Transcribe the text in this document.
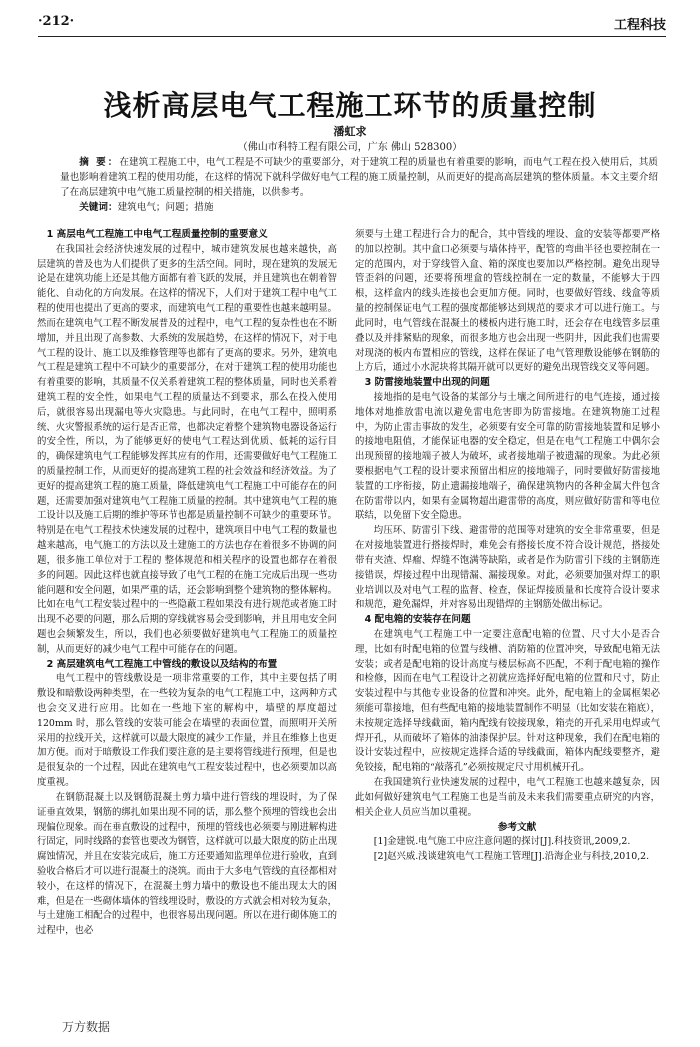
·212·	工程科技
浅析高层电气工程施工环节的质量控制
潘虹求
（佛山市科特工程有限公司，广东 佛山 528300）
摘 要：在建筑工程施工中，电气工程是不可缺少的重要部分，对于建筑工程的质量也有着重要的影响，而电气工程在投入使用后，其质量也影响着建筑工程的使用功能，在这样的情况下就科学做好电气工程的施工质量控制，从而更好的提高高层建筑的整体质量。本文主要介绍了在高层建筑中电气施工质量控制的相关措施，以供参考。
关键词：建筑电气；问题；措施
1 高层电气工程施工中电气工程质量控制的重要意义

在我国社会经济快速发展的过程中，城市建筑发展也越来越快，高层建筑的普及也为人们提供了更多的生活空间。同时，现在建筑的发展无论是在建筑功能上还是其他方面都有着飞跃的发展，并且建筑也在朝着智能化、自动化的方向发展。在这样的情况下，人们对于建筑工程中电气工程的使用也提出了更高的要求，而建筑电气工程的重要性也越来越明显。然而在建筑电气工程不断发展普及的过程中，电气工程的复杂性也在不断增加，并且出现了高参数、大系统的发展趋势，在这样的情况下，对于电气工程的设计、施工以及维修管理等也都有了更高的要求。另外，建筑电气工程是建筑工程中不可缺少的重要部分，在对于建筑工程的使用功能也有着重要的影响，其质量不仅关系着建筑工程的整体质量，同时也关系着建筑工程的安全性，如果电气工程的质量达不到要求，那么在投入使用后，就很容易出现漏电等火灾隐患。与此同时，在电气工程中，照明系统、火灾警报系统的运行是否正常，也都决定着整个建筑物电器设备运行的安全性，所以，为了能够更好的使电气工程达到优质、低耗的运行目的，确保建筑电气工程能够发挥其应有的作用，还需要做好电气工程施工的质量控制工作，从而更好的提高建筑工程的社会效益和经济效益。为了更好的提高建筑工程的施工质量，降低建筑电气工程施工中可能存在的问题，还需要加强对建筑电气工程施工质量的控制。其中建筑电气工程的施工设计以及施工后期的维护等环节也都是质量控制不可缺少的重要环节。特别是在电气工程技术快速发展的过程中，建筑项目中电气工程的数量也越来越高，电气施工的方法以及土建施工的方法也存在着很多不协调的问题，很多施工单位对于工程的 整体规范和相关程序的设置也都存在着很多的问题。因此这样也就直接导致了电气工程的在施工完成后出现一些功能问题和安全问题，如果严重的话，还会影响到整个建筑物的整体解构。比如在电气工程安装过程中的一些隐蔽工程如果没有进行规范或者施工时出现不必要的问题，那么后期的穿线就容易会受到影响，并且用电安全问题也会频繁发生，所以，我们也必须要做好建筑电气工程施工的质量控制，从而更好的减少电气工程中可能存在的问题。

2 高层建筑电气工程施工中管线的敷设以及结构的布置

电气工程中的管线敷设是一项非常重要的工作，其中主要包括了明敷设和暗敷设两种类型，在一些较为复杂的电气工程施工中，这两种方式也会交叉进行应用。比如在一些地下室的解构中，墙壁的厚度超过 120mm 时，那么管线的安装可能会在墙壁的表面位置，而照明开关所采用的拉线开关，这样就可以最大限度的减少工作量，并且在维修上也更加方便。而对于暗敷设工作我们要注意的是主要将管线进行预埋，但是也是很复杂的一个过程，因此在建筑电气工程安装过程中，也必须要加以高度重视。

在钢筋混凝土以及钢筋混凝土剪力墙中进行管线的埋设时，为了保证垂直效果，钢筋的绑扎如果出现不同的话，那么整个预埋的管线也会出现偏位现象。而在垂直敷设的过程中，预埋的管线也必须要与刚进解构进行固定，同时线路的套管也要改为钢管，这样就可以最大限度的防止出现腐蚀情况，并且在安装完成后，施工方还要通知监理单位进行验收，直到验收合格后才可以进行混凝土的浇筑。而由于大多电气管线的直径都相对较小，在这样的情况下，在混凝土剪力墙中的敷设也不能出现太大的困难，但是在一些砌体墙体的管线埋设时，敷设的方式就会相对较为复杂，与土建施工相配合的过程中，也很容易出现问题。所以在进行砌体施工的过程中，也必

须要与土建工程进行合力的配合，其中管线的埋设、盒的安装等都要严格的加以控制。其中盒口必须要与墙体持平，配管的弯曲半径也要控制在一定的范围内，对于穿线管入盒、箱的深度也要加以严格控制。避免出现导管歪斜的问题，还要将预埋盒的管线控制在一定的数量，不能够大于四根，这样盒内的线头连接也会更加方便。同时，也要做好管线、线盒等质量的控制保证电气工程的强度都能够达到规范的要求才可以进行施工。与此同时，电气管线在混凝土的楼板内进行施工时，还会存在电线管多层重叠以及并排紧贴的现象，而很多地方也会出现一些阴井，因此我们也需要对现浇的板内布置相应的管线，这样在保证了电气管理敷设能够在钢筋的上方后，通过小水泥块将其隔开就可以更好的避免出现管线交叉等问题。

3 防雷接地装置中出现的问题

接地指的是电气设备的某部分与土壤之间所进行的电气连接，通过接地体对地推放雷电流以避免雷电危害即为防雷接地。在建筑物施工过程中，为防止雷击事故的发生，必须要有安全可靠的防雷接地装置和足够小的接地电阻值，才能保证电器的安全稳定，但是在电气工程施工中偶尔会出现预留的接地端子被人为破坏，或者接地端子被遗漏的现象。为此必须要根据电气工程的设计要求预留出相应的接地端子，同时要做好防雷接地装置的工序衔接，防止遗漏接地端子，确保建筑物内的各种金属大件包含在防雷带以内，如果有金属物超出避雷带的高度，则应做好防雷和等电位联结，以免留下安全隐患。

均压环、防雷引下线、避雷带的范围等对建筑的安全非常重要，但是在对接地装置进行搭接焊时，难免会有搭接长度不符合设计规范，搭接处带有夹渣、焊瘤、焊缝不饱满等缺陷，或者是作为防雷引下线的主钢筋连接错误，焊接过程中出现错漏、漏接现象。对此，必须要加强对焊工的职业培训以及对电气工程的监督、检查，保证焊接质量和长度符合设计要求和规范，避免漏焊，并对容易出现错焊的主钢筋处做出标记。

4 配电箱的安装存在问题

在建筑电气工程施工中一定要注意配电箱的位置、尺寸大小是否合理，比如有时配电箱的位置与线槽、消防箱的位置冲突，导致配电箱无法安装；或者是配电箱的设计高度与楼层标高不匹配，不利于配电箱的操作和检修，因而在电气工程设计之初就应选择好配电箱的位置和尺寸，防止安装过程中与其他专业设备的位置和冲突。此外，配电箱上的金属框架必须能可靠接地，但有些配电箱的接地装置制作不明显（比如安装在箱底），未按规定选择导线截面，箱内配线有铰接现象，箱壳的开孔采用电焊或气焊开孔，从而破坏了箱体的油漆保护层。针对这种现象，我们在配电箱的设计安装过程中，应按规定选择合适的导线截面，箱体内配线要整齐，避免铰接，配电箱的“敲落孔”必须按规定尺寸用机械开孔。

在我国建筑行业快速发展的过程中，电气工程施工也越来越复杂，因此如何做好建筑电气工程施工也是当前及未来我们需要重点研究的内容，相关企业人员应当加以重视。

参考文献

[1]金建锐.电气施工中应注意问题的探讨[J].科技资讯,2009,2.

[2]赵兴威.浅谈建筑电气工程施工管理[J].沿海企业与科技,2010,2.

万方数据
